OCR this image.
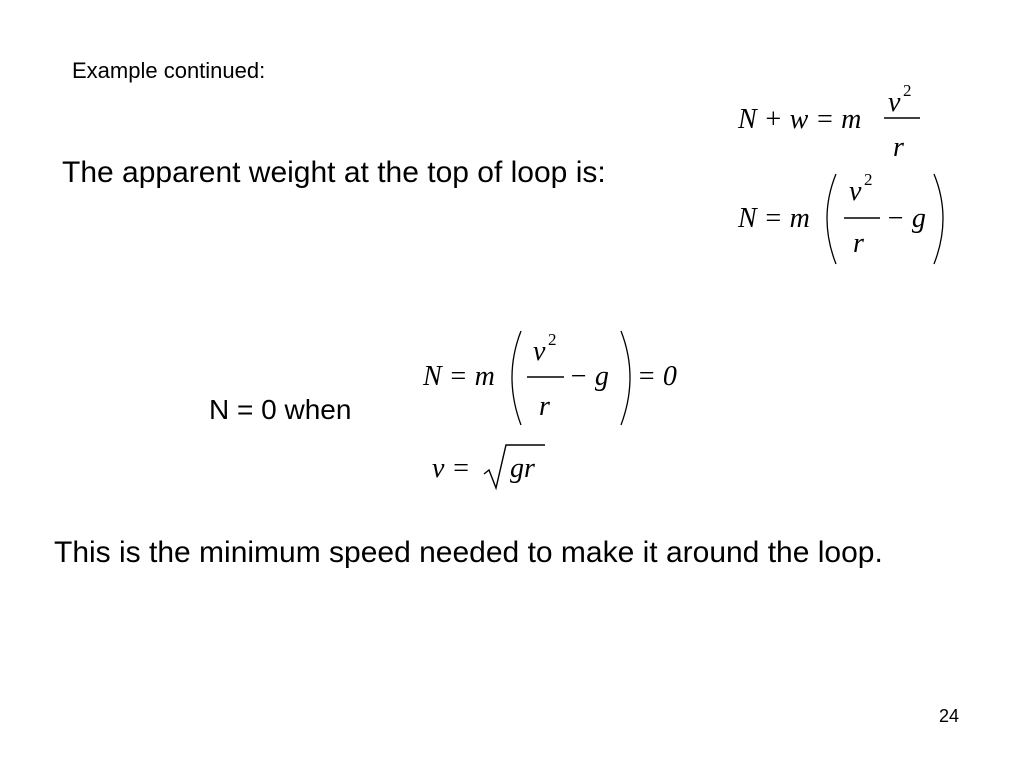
Example continued:
The apparent weight at the top of loop is:
N + w = m
v 2
r
N = m
v 2
r
− g
N = 0 when
N = m
v 2
r
− g = 0
v = gr
This is the minimum speed needed to make it around the loop.
24
